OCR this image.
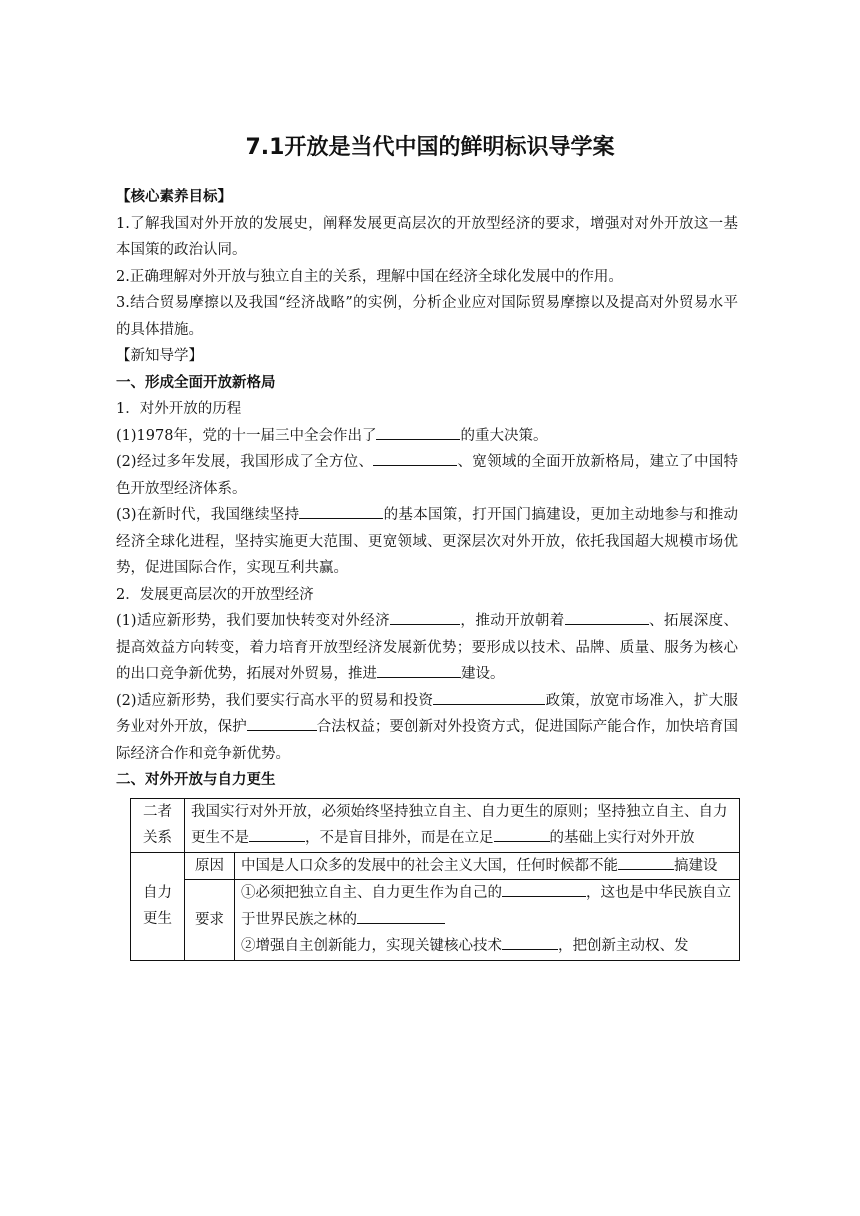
7.1开放是当代中国的鲜明标识导学案

【核心素养目标】

1.了解我国对外开放的发展史，阐释发展更高层次的开放型经济的要求，增强对对外开放这一基本国策的政治认同。

2.正确理解对外开放与独立自主的关系，理解中国在经济全球化发展中的作用。

3.结合贸易摩擦以及我国“经济战略”的实例，分析企业应对国际贸易摩擦以及提高对外贸易水平的具体措施。

【新知导学】

一、形成全面开放新格局

1．对外开放的历程

(1)1978年，党的十一届三中全会作出了	的重大决策。

(2)经过多年发展，我国形成了全方位、	、宽领域的全面开放新格局，建立了中国特色开放型经济体系。

(3)在新时代，我国继续坚持	的基本国策，打开国门搞建设，更加主动地参与和推动经济全球化进程，坚持实施更大范围、更宽领域、更深层次对外开放，依托我国超大规模市场优势，促进国际合作，实现互利共赢。

2．发展更高层次的开放型经济

(1)适应新形势，我们要加快转变对外经济	，推动开放朝着	、拓展深度、提高效益方向转变，着力培育开放型经济发展新优势；要形成以技术、品牌、质量、服务为核心的出口竞争新优势，拓展对外贸易，推进	建设。

(2)适应新形势，我们要实行高水平的贸易和投资	政策，放宽市场准入，扩大服务业对外开放，保护	合法权益；要创新对外投资方式，促进国际产能合作，加快培育国际经济合作和竞争新优势。

二、对外开放与自力更生

二者关系	我国实行对外开放，必须始终坚持独立自主、自力更生的原则；坚持独立自主、自力更生不是 ，不是盲目排外，而是在立足 的基础上实行对外开放	
自力更生	原因	中国是人口众多的发展中的社会主义大国，任何时候都不能 搞建设
	要求	①必须把独立自主、自力更生作为自己的 ，这也是中华民族自立于世界民族之林的
②增强自主创新能力，实现关键核心技术 ，把创新主动权、发
